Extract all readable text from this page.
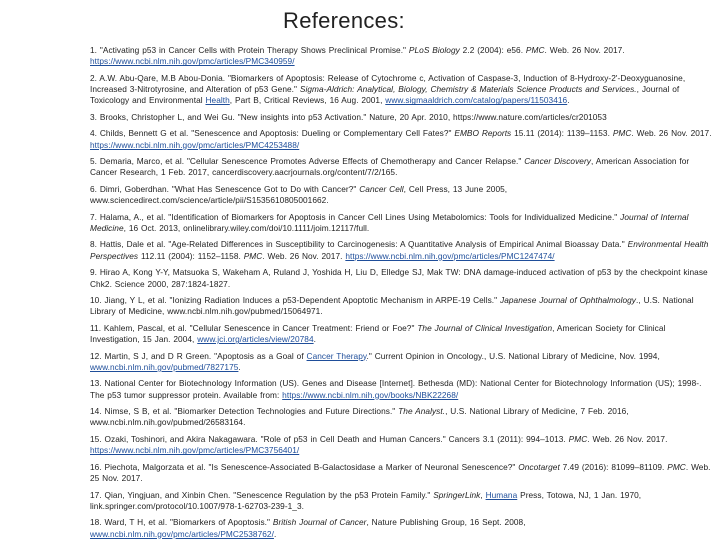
References:

1. "Activating p53 in Cancer Cells with Protein Therapy Shows Preclinical Promise." PLoS Biology 2.2 (2004): e56. PMC. Web. 26 Nov. 2017. https://www.ncbi.nlm.nih.gov/pmc/articles/PMC340959/

2. A.W. Abu-Qare, M.B Abou-Donia. "Biomarkers of Apoptosis: Release of Cytochrome c, Activation of Caspase-3, Induction of 8-Hydroxy-2'-Deoxyguanosine, Increased 3-Nitrotyrosine, and Alteration of p53 Gene." Sigma-Aldrich: Analytical, Biology, Chemistry & Materials Science Products and Services., Journal of Toxicology and Environmental Health, Part B, Critical Reviews, 16 Aug. 2001, www.sigmaaldrich.com/catalog/papers/11503416.

3. Brooks, Christopher L, and Wei Gu. "New insights into p53 Activation." Nature, 20 Apr. 2010, https://www.nature.com/articles/cr201053

4. Childs, Bennett G et al. "Senescence and Apoptosis: Dueling or Complementary Cell Fates?" EMBO Reports 15.11 (2014): 1139–1153. PMC. Web. 26 Nov. 2017. https://www.ncbi.nlm.nih.gov/pmc/articles/PMC4253488/

5. Demaria, Marco, et al. "Cellular Senescence Promotes Adverse Effects of Chemotherapy and Cancer Relapse." Cancer Discovery, American Association for Cancer Research, 1 Feb. 2017, cancerdiscovery.aacrjournals.org/content/7/2/165.

6. Dimri, Goberdhan. "What Has Senescence Got to Do with Cancer?" Cancer Cell, Cell Press, 13 June 2005, www.sciencedirect.com/science/article/pii/S1535610805001662.

7. Halama, A., et al. "Identification of Biomarkers for Apoptosis in Cancer Cell Lines Using Metabolomics: Tools for Individualized Medicine." Journal of Internal Medicine, 16 Oct. 2013, onlinelibrary.wiley.com/doi/10.1111/joim.12117/full.

8. Hattis, Dale et al. "Age-Related Differences in Susceptibility to Carcinogenesis: A Quantitative Analysis of Empirical Animal Bioassay Data." Environmental Health Perspectives 112.11 (2004): 1152–1158. PMC. Web. 26 Nov. 2017. https://www.ncbi.nlm.nih.gov/pmc/articles/PMC1247474/

9. Hirao A, Kong Y-Y, Matsuoka S, Wakeham A, Ruland J, Yoshida H, Liu D, Elledge SJ, Mak TW: DNA damage-induced activation of p53 by the checkpoint kinase Chk2. Science 2000, 287:1824-1827.

10. Jiang, Y L, et al. "Ionizing Radiation Induces a p53-Dependent Apoptotic Mechanism in ARPE-19 Cells." Japanese Journal of Ophthalmology., U.S. National Library of Medicine, www.ncbi.nlm.nih.gov/pubmed/15064971.

11. Kahlem, Pascal, et al. "Cellular Senescence in Cancer Treatment: Friend or Foe?" The Journal of Clinical Investigation, American Society for Clinical Investigation, 15 Jan. 2004, www.jci.org/articles/view/20784.

12. Martin, S J, and D R Green. "Apoptosis as a Goal of Cancer Therapy." Current Opinion in Oncology., U.S. National Library of Medicine, Nov. 1994, www.ncbi.nlm.nih.gov/pubmed/7827175.

13. National Center for Biotechnology Information (US). Genes and Disease [Internet]. Bethesda (MD): National Center for Biotechnology Information (US); 1998-. The p53 tumor suppressor protein. Available from: https://www.ncbi.nlm.nih.gov/books/NBK22268/

14. Nimse, S B, et al. "Biomarker Detection Technologies and Future Directions." The Analyst., U.S. National Library of Medicine, 7 Feb. 2016, www.ncbi.nlm.nih.gov/pubmed/26583164.

15. Ozaki, Toshinori, and Akira Nakagawara. "Role of p53 in Cell Death and Human Cancers." Cancers 3.1 (2011): 994–1013. PMC. Web. 26 Nov. 2017. https://www.ncbi.nlm.nih.gov/pmc/articles/PMC3756401/

16. Piechota, Malgorzata et al. "Is Senescence-Associated Β-Galactosidase a Marker of Neuronal Senescence?" Oncotarget 7.49 (2016): 81099–81109. PMC. Web. 25 Nov. 2017.

17. Qian, Yingjuan, and Xinbin Chen. "Senescence Regulation by the p53 Protein Family." SpringerLink, Humana Press, Totowa, NJ, 1 Jan. 1970, link.springer.com/protocol/10.1007/978-1-62703-239-1_3.

18. Ward, T H, et al. "Biomarkers of Apoptosis." British Journal of Cancer, Nature Publishing Group, 16 Sept. 2008, www.ncbi.nlm.nih.gov/pmc/articles/PMC2538762/.
